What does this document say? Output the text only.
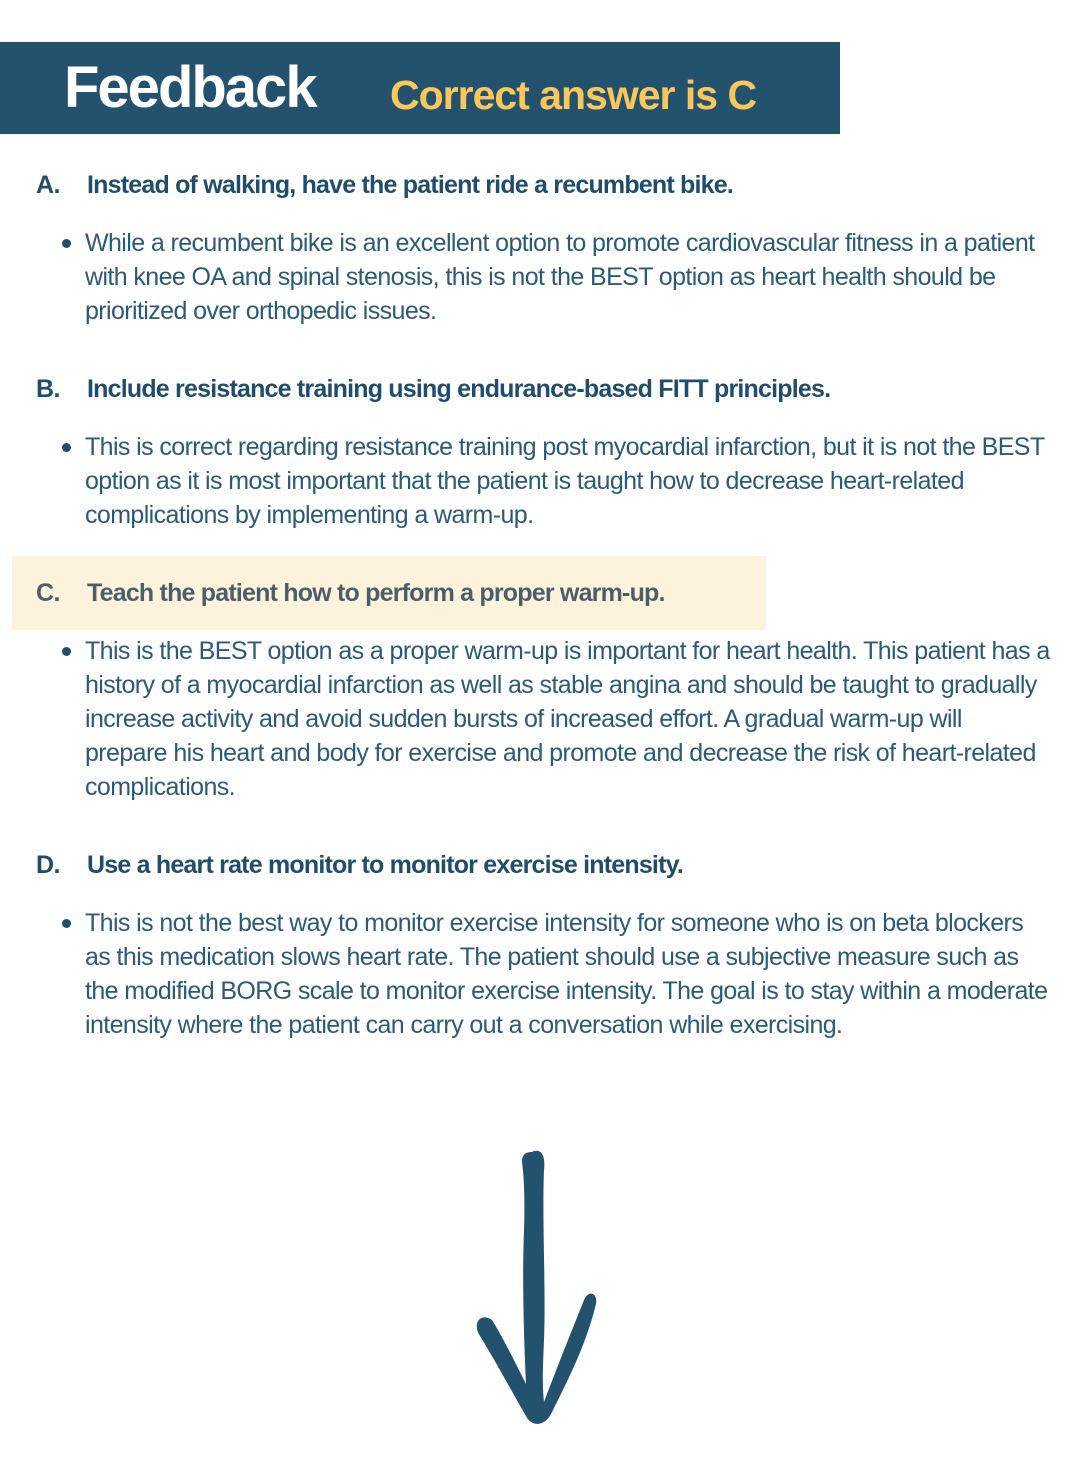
Feedback Correct answer is C
A. Instead of walking, have the patient ride a recumbent bike.
While a recumbent bike is an excellent option to promote cardiovascular fitness in a patient with knee OA and spinal stenosis, this is not the BEST option as heart health should be prioritized over orthopedic issues.
B. Include resistance training using endurance-based FITT principles.
This is correct regarding resistance training post myocardial infarction, but it is not the BEST option as it is most important that the patient is taught how to decrease heart-related complications by implementing a warm-up.
C. Teach the patient how to perform a proper warm-up.
This is the BEST option as a proper warm-up is important for heart health. This patient has a history of a myocardial infarction as well as stable angina and should be taught to gradually increase activity and avoid sudden bursts of increased effort. A gradual warm-up will prepare his heart and body for exercise and promote and decrease the risk of heart-related complications.
D. Use a heart rate monitor to monitor exercise intensity.
This is not the best way to monitor exercise intensity for someone who is on beta blockers as this medication slows heart rate. The patient should use a subjective measure such as the modified BORG scale to monitor exercise intensity. The goal is to stay within a moderate intensity where the patient can carry out a conversation while exercising.
